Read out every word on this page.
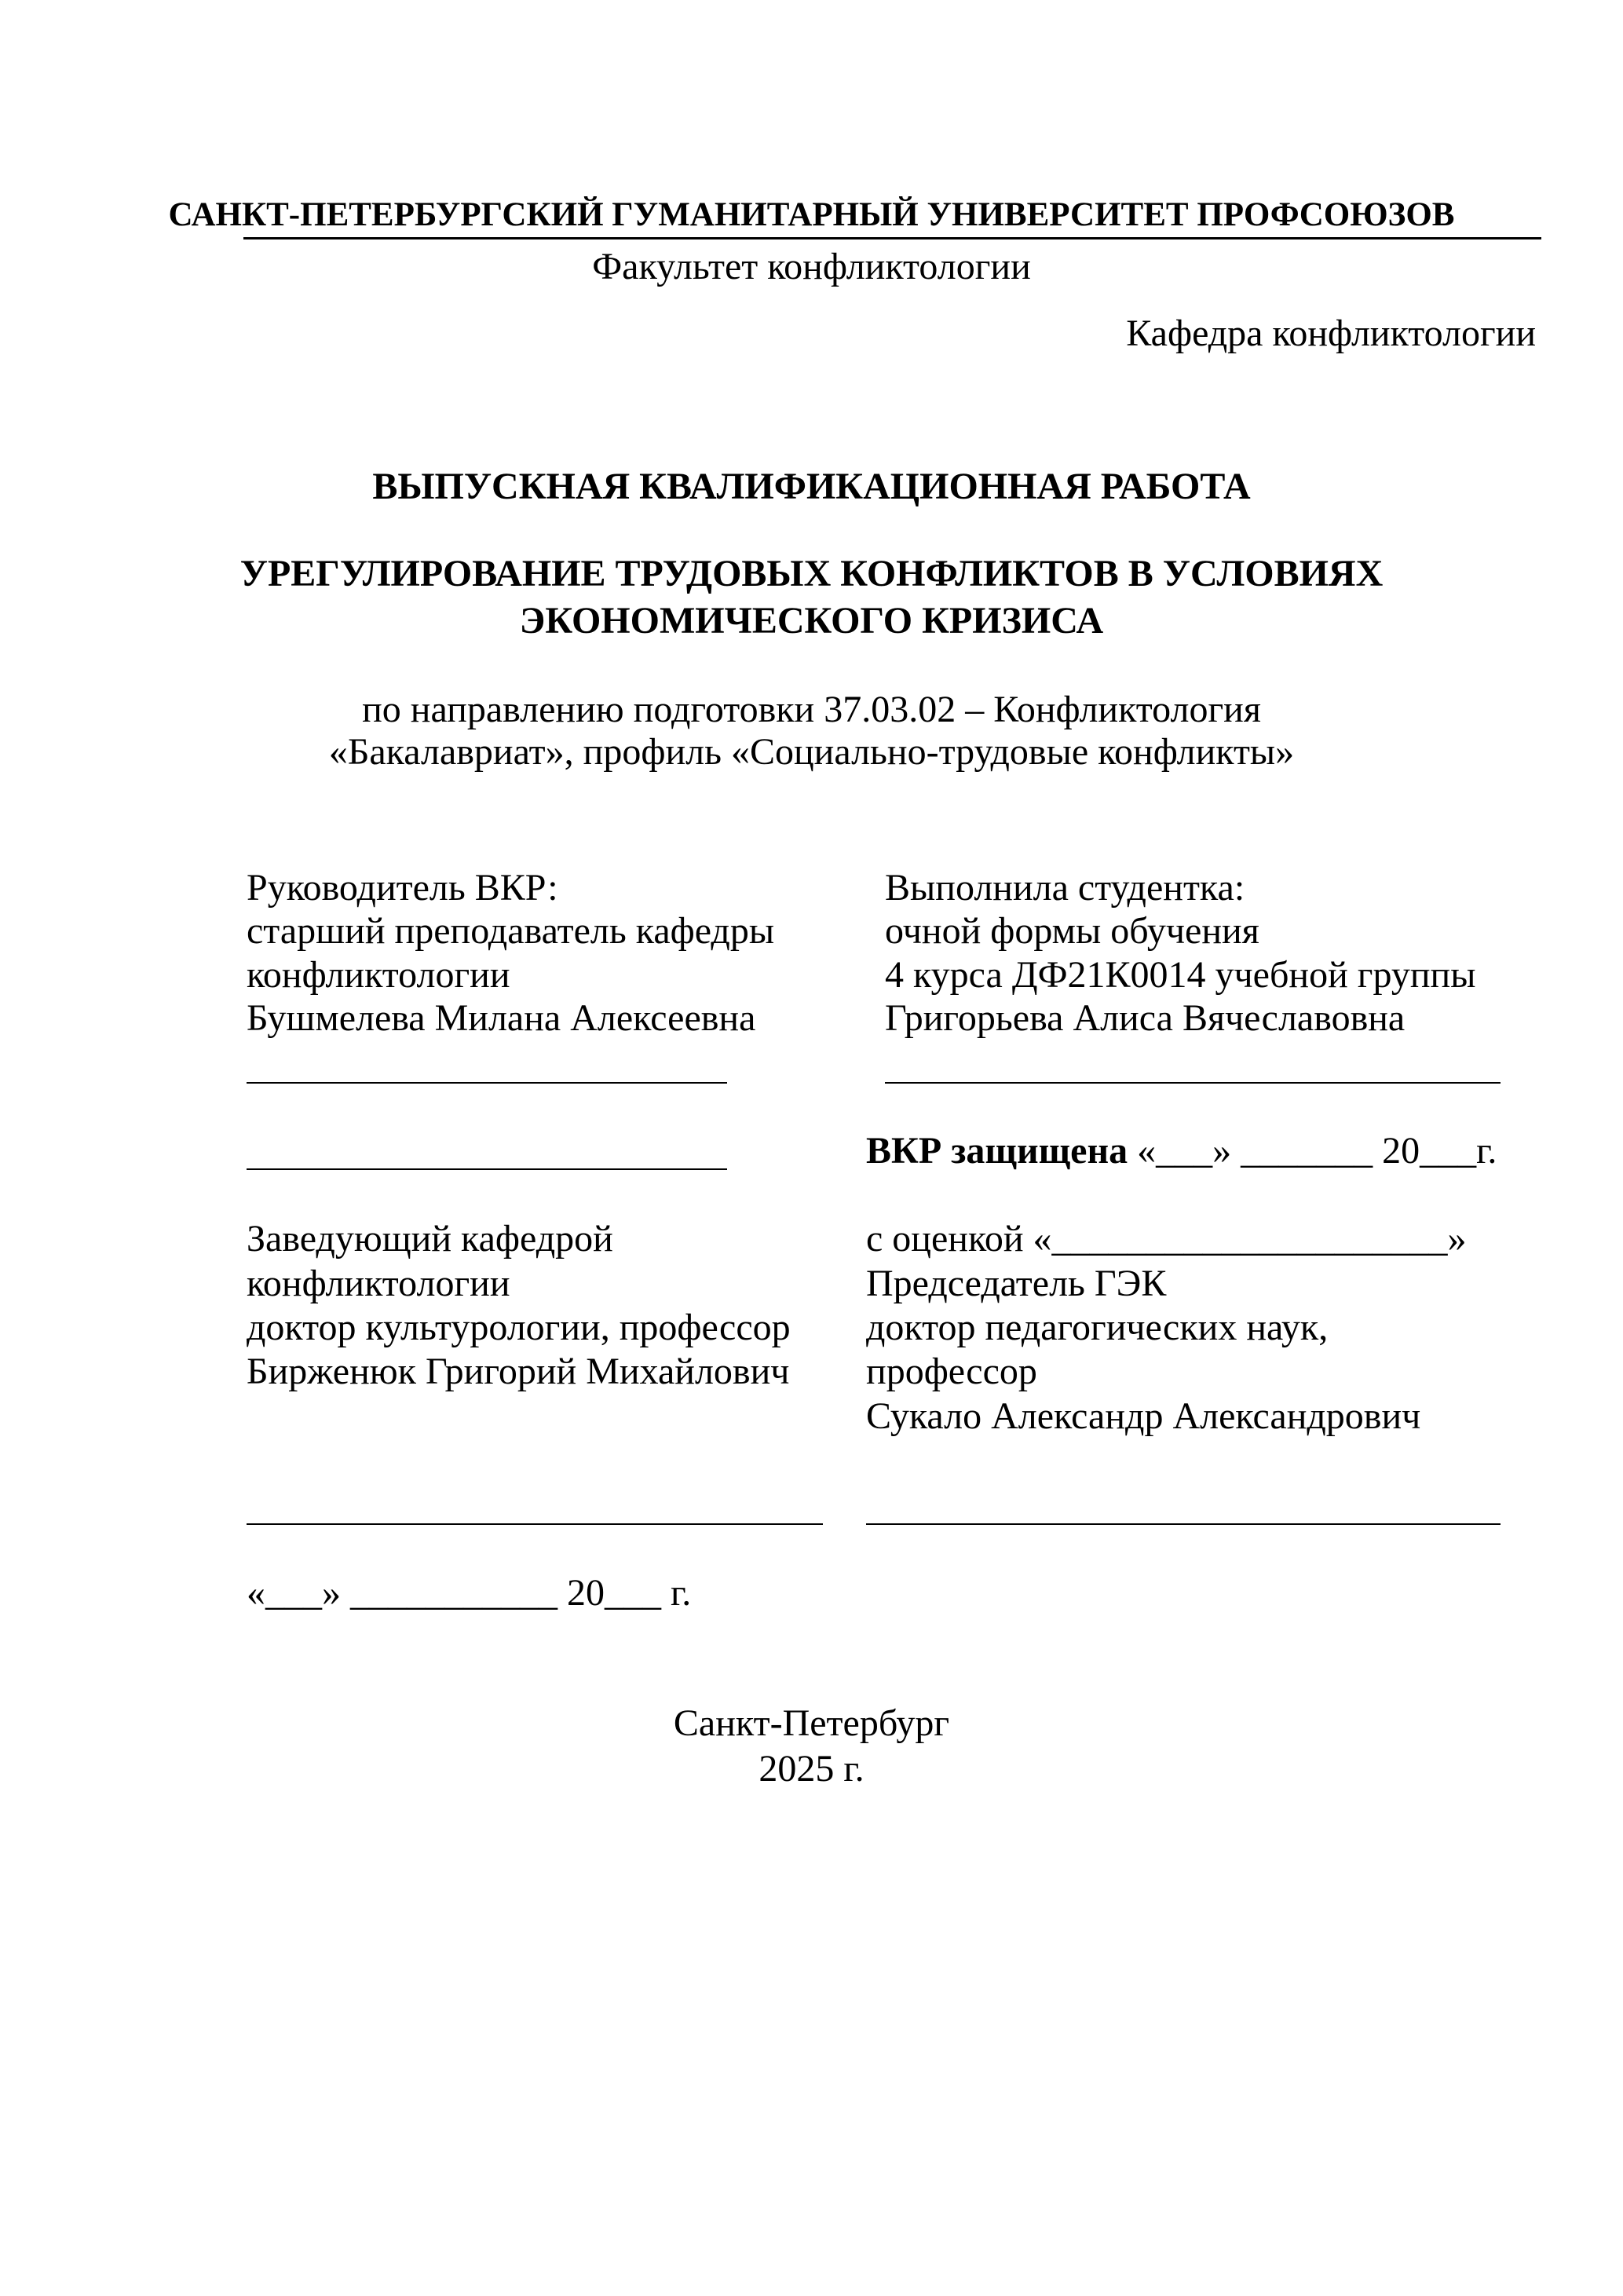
САНКТ-ПЕТЕРБУРГСКИЙ ГУМАНИТАРНЫЙ УНИВЕРСИТЕТ ПРОФСОЮЗОВ
Факультет конфликтологии
Кафедра конфликтологии
ВЫПУСКНАЯ КВАЛИФИКАЦИОННАЯ РАБОТА
УРЕГУЛИРОВАНИЕ ТРУДОВЫХ КОНФЛИКТОВ В УСЛОВИЯХ
ЭКОНОМИЧЕСКОГО КРИЗИСА
по направлению подготовки 37.03.02 – Конфликтология
«Бакалавриат», профиль «Социально-трудовые конфликты»
Руководитель ВКР:
старший преподаватель кафедры
конфликтологии
Бушмелева Милана Алексеевна
Выполнила студентка:
очной формы обучения
4 курса ДФ21К0014 учебной группы
Григорьева Алиса Вячеславовна
ВКР защищена «___» _______ 20___г.
Заведующий кафедрой
конфликтологии
доктор культурологии, профессор
Бирженюк Григорий Михайлович
с оценкой «_____________________»
Председатель ГЭК
доктор педагогических наук,
профессор
Сукало Александр Александрович
«___» ___________ 20___ г.
Санкт-Петербург
2025 г.
